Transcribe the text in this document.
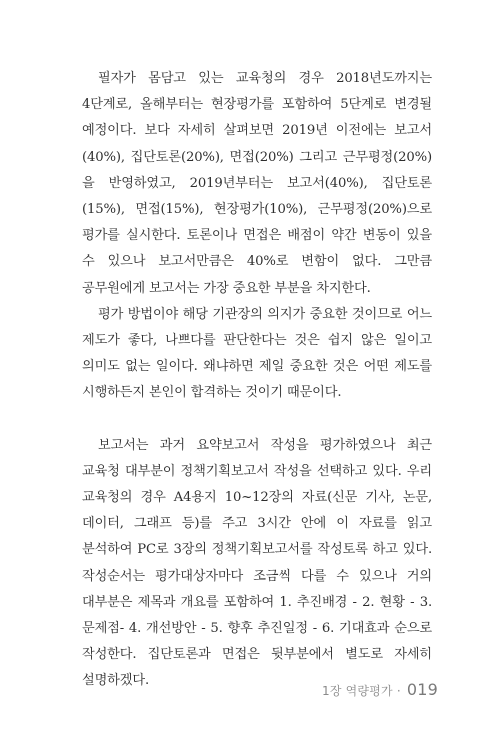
필자가 몸담고 있는 교육청의 경우 2018년도까지는 4단계로, 올해부터는 현장평가를 포함하여 5단계로 변경될 예정이다. 보다 자세히 살펴보면 2019년 이전에는 보고서(40%), 집단토론(20%), 면접(20%) 그리고 근무평정(20%)을 반영하였고, 2019년부터는 보고서(40%), 집단토론(15%), 면접(15%), 현장평가(10%), 근무평정(20%)으로 평가를 실시한다. 토론이나 면접은 배점이 약간 변동이 있을 수 있으나 보고서만큼은 40%로 변함이 없다. 그만큼 공무원에게 보고서는 가장 중요한 부분을 차지한다.

평가 방법이야 해당 기관장의 의지가 중요한 것이므로 어느 제도가 좋다, 나쁘다를 판단한다는 것은 쉽지 않은 일이고 의미도 없는 일이다. 왜냐하면 제일 중요한 것은 어떤 제도를 시행하든지 본인이 합격하는 것이기 때문이다.

보고서는 과거 요약보고서 작성을 평가하였으나 최근 교육청 대부분이 정책기획보고서 작성을 선택하고 있다. 우리 교육청의 경우 A4용지 10~12장의 자료(신문 기사, 논문, 데이터, 그래프 등)를 주고 3시간 안에 이 자료를 읽고 분석하여 PC로 3장의 정책기획보고서를 작성토록 하고 있다. 작성순서는 평가대상자마다 조금씩 다를 수 있으나 거의 대부분은 제목과 개요를 포함하여 1. 추진배경 - 2. 현황 - 3. 문제점- 4. 개선방안 - 5. 향후 추진일정 - 6. 기대효과 순으로 작성한다. 집단토론과 면접은 뒷부분에서 별도로 자세히 설명하겠다.

1장 역량평가 · 019
